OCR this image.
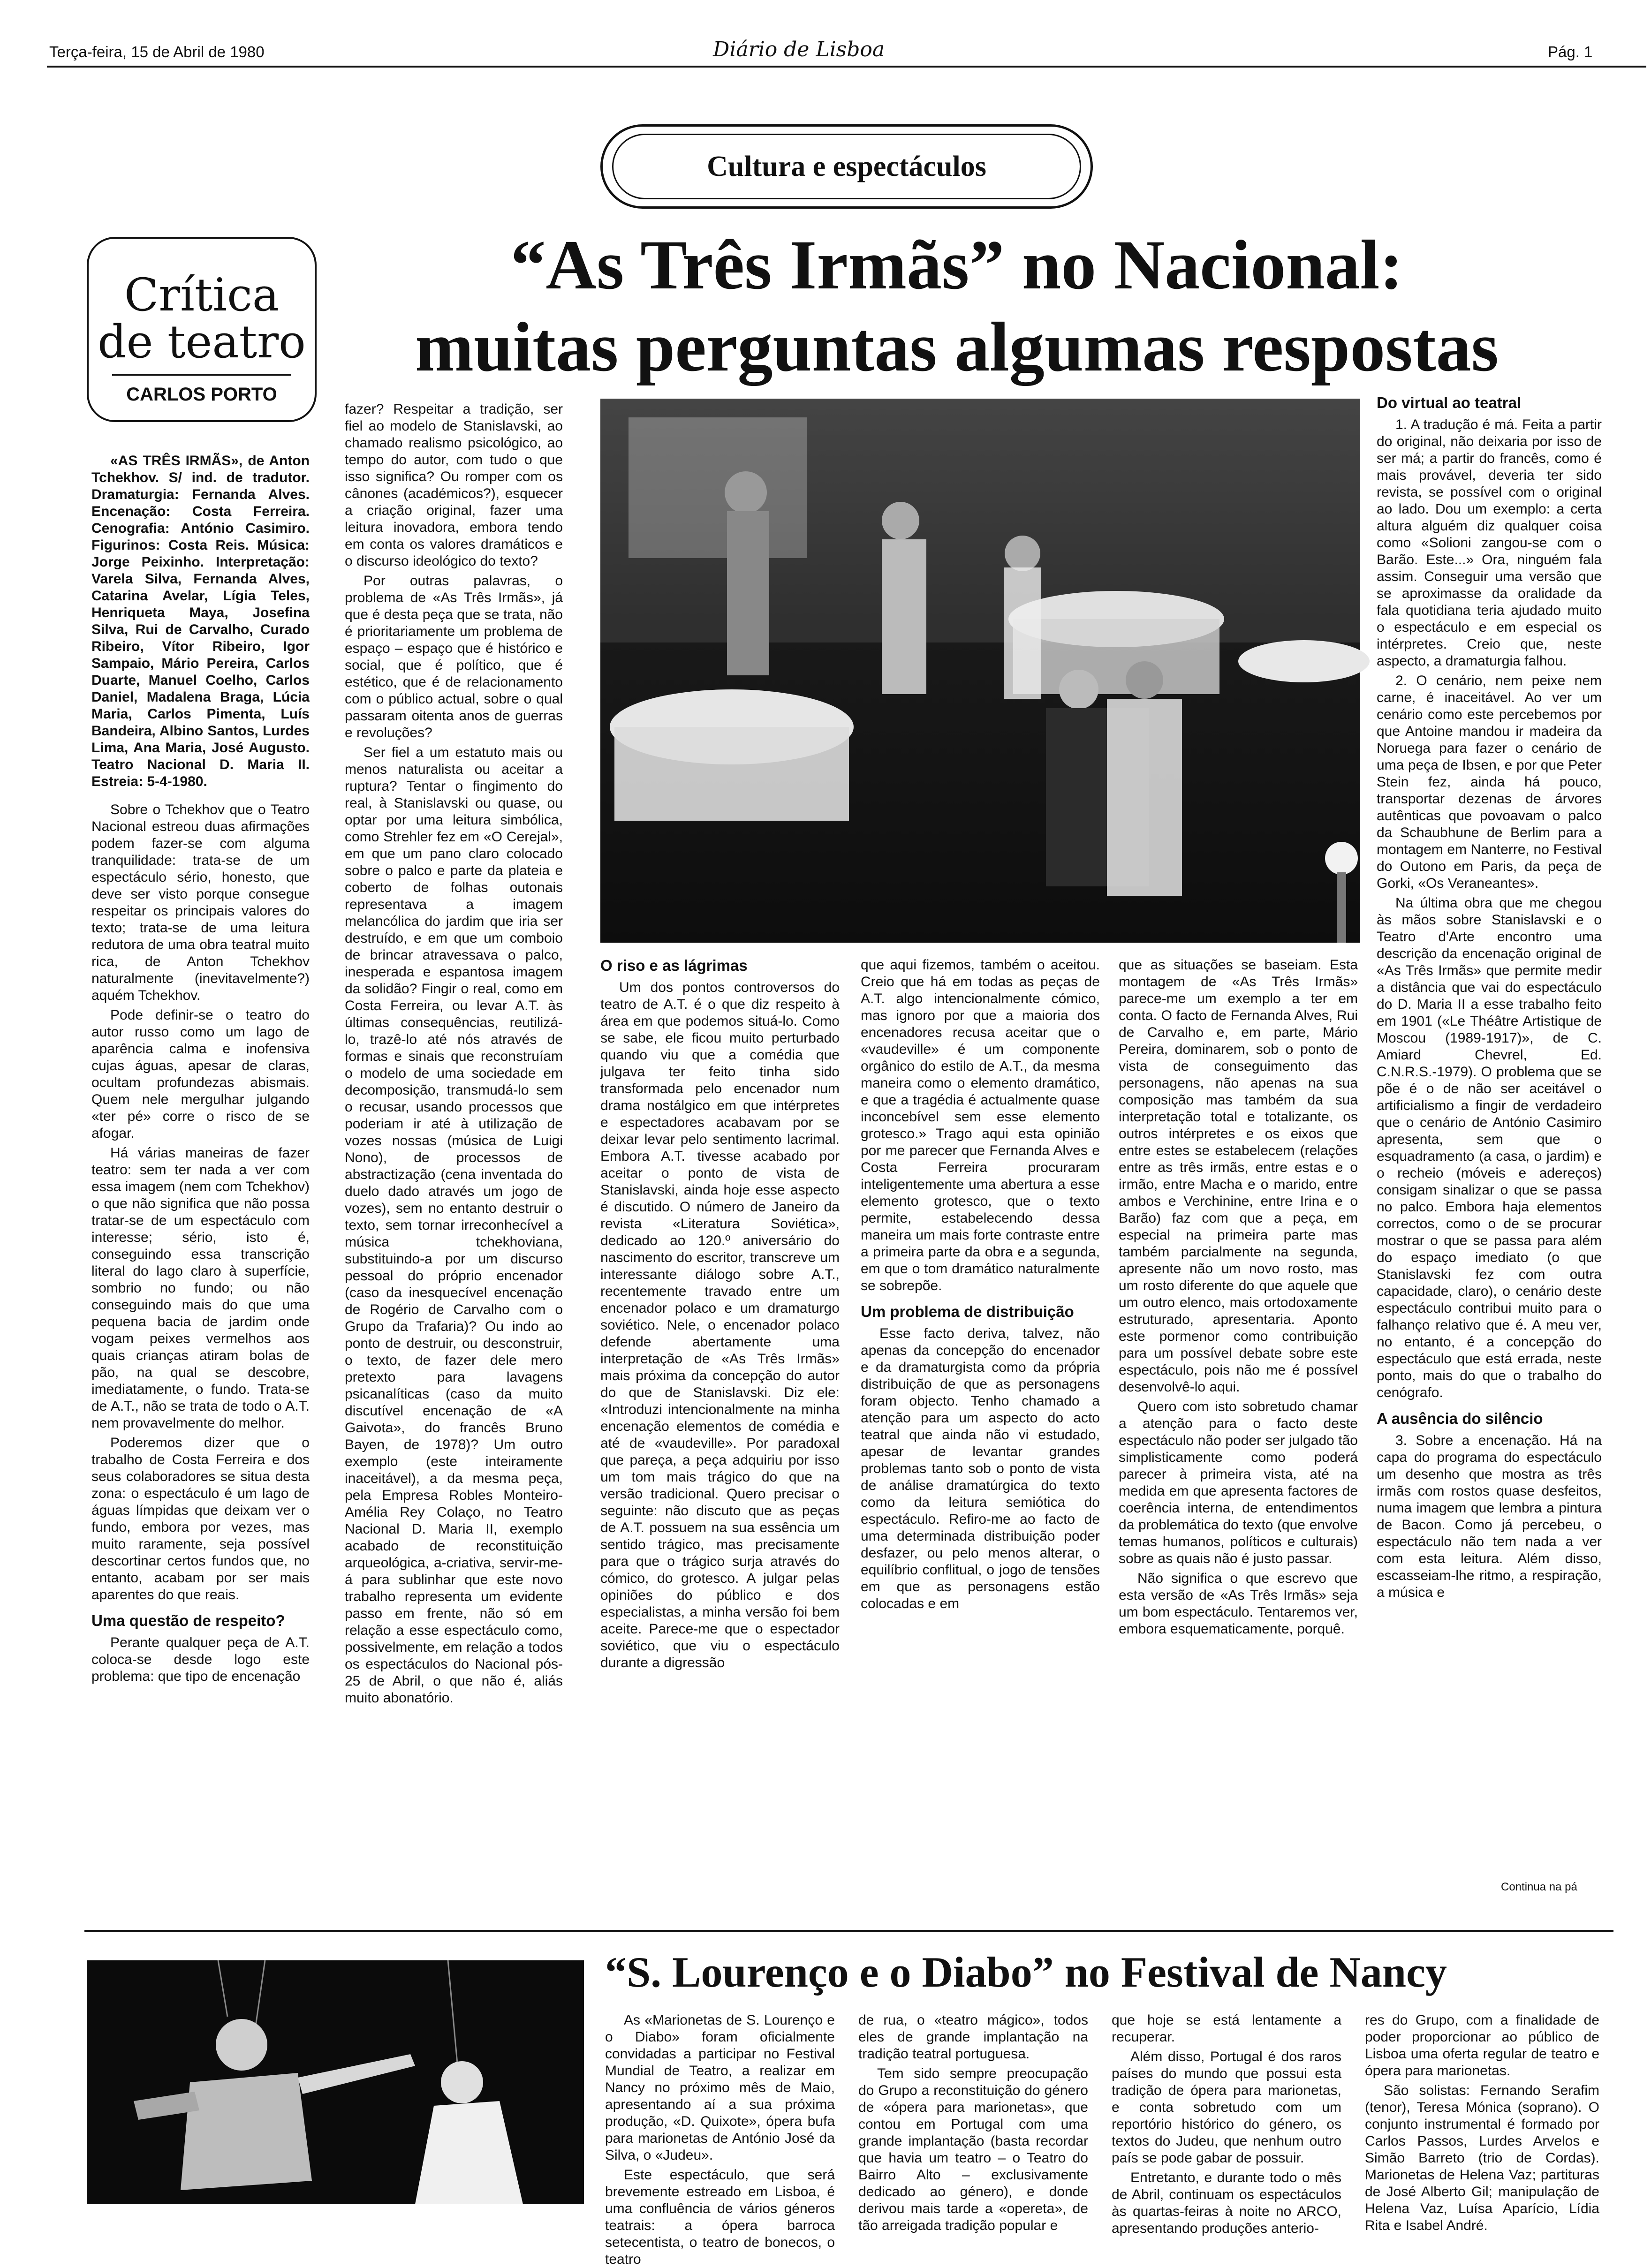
Terça-feira, 15 de Abril de 1980	Diário de Lisboa	Pág. 1
Cultura e espectáculos
Crítica
de teatro
CARLOS PORTO
“As Três Irmãs” no Nacional:
muitas perguntas algumas respostas

«AS TRÊS IRMÃS», de Anton Tchekhov. S/ ind. de tradutor. Dramaturgia: Fernanda Alves. Encenação: Costa Ferreira. Cenografia: António Casimiro. Figurinos: Costa Reis. Música: Jorge Peixinho. Interpretação: Varela Silva, Fernanda Alves, Catarina Avelar, Lígia Teles, Henriqueta Maya, Josefina Silva, Rui de Carvalho, Curado Ribeiro, Vítor Ribeiro, Igor Sampaio, Mário Pereira, Carlos Duarte, Manuel Coelho, Carlos Daniel, Madalena Braga, Lúcia Maria, Carlos Pimenta, Luís Bandeira, Albino Santos, Lurdes Lima, Ana Maria, José Augusto. Teatro Nacional D. Maria II. Estreia: 5-4-1980.

Sobre o Tchekhov que o Teatro Nacional estreou duas afirmações podem fazer-se com alguma tranquilidade: trata-se de um espectáculo sério, honesto, que deve ser visto porque consegue respeitar os principais valores do texto; trata-se de uma leitura redutora de uma obra teatral muito rica, de Anton Tchekhov naturalmente (inevitavelmente?) aquém Tchekhov.

Pode definir-se o teatro do autor russo como um lago de aparência calma e inofensiva cujas águas, apesar de claras, ocultam profundezas abismais. Quem nele mergulhar julgando «ter pé» corre o risco de se afogar.

Há várias maneiras de fazer teatro: sem ter nada a ver com essa imagem (nem com Tchekhov) o que não significa que não possa tratar-se de um espectáculo com interesse; sério, isto é, conseguindo essa transcrição literal do lago claro à superfície, sombrio no fundo; ou não conseguindo mais do que uma pequena bacia de jardim onde vogam peixes vermelhos aos quais crianças atiram bolas de pão, na qual se descobre, imediatamente, o fundo. Trata-se de A.T., não se trata de todo o A.T. nem provavelmente do melhor.

Poderemos dizer que o trabalho de Costa Ferreira e dos seus colaboradores se situa desta zona: o espectáculo é um lago de águas límpidas que deixam ver o fundo, embora por vezes, mas muito raramente, seja possível descortinar certos fundos que, no entanto, acabam por ser mais aparentes do que reais.

Uma questão de respeito?

Perante qualquer peça de A.T. coloca-se desde logo este problema: que tipo de encenação

fazer? Respeitar a tradição, ser fiel ao modelo de Stanislavski, ao chamado realismo psicológico, ao tempo do autor, com tudo o que isso significa? Ou romper com os cânones (académicos?), esquecer a criação original, fazer uma leitura inovadora, embora tendo em conta os valores dramáticos e o discurso ideológico do texto?

Por outras palavras, o problema de «As Três Irmãs», já que é desta peça que se trata, não é prioritariamente um problema de espaço – espaço que é histórico e social, que é político, que é estético, que é de relacionamento com o público actual, sobre o qual passaram oitenta anos de guerras e revoluções?

Ser fiel a um estatuto mais ou menos naturalista ou aceitar a ruptura? Tentar o fingimento do real, à Stanislavski ou quase, ou optar por uma leitura simbólica, como Strehler fez em «O Cerejal», em que um pano claro colocado sobre o palco e parte da plateia e coberto de folhas outonais representava a imagem melancólica do jardim que iria ser destruído, e em que um comboio de brincar atravessava o palco, inesperada e espantosa imagem da solidão? Fingir o real, como em Costa Ferreira, ou levar A.T. às últimas consequências, reutilizá-lo, trazê-lo até nós através de formas e sinais que reconstruíam o modelo de uma sociedade em decomposição, transmudá-lo sem o recusar, usando processos que poderiam ir até à utilização de vozes nossas (música de Luigi Nono), de processos de abstractização (cena inventada do duelo dado através um jogo de vozes), sem no entanto destruir o texto, sem tornar irreconhecível a música tchekhoviana, substituindo-a por um discurso pessoal do próprio encenador (caso da inesquecível encenação de Rogério de Carvalho com o Grupo da Trafaria)? Ou indo ao ponto de destruir, ou desconstruir, o texto, de fazer dele mero pretexto para lavagens psicanalíticas (caso da muito discutível encenação de «A Gaivota», do francês Bruno Bayen, de 1978)? Um outro exemplo (este inteiramente inaceitável), a da mesma peça, pela Empresa Robles Monteiro-Amélia Rey Colaço, no Teatro Nacional D. Maria II, exemplo acabado de reconstituição arqueológica, a-criativa, servir-me-á para sublinhar que este novo trabalho representa um evidente passo em frente, não só em relação a esse espectáculo como, possivelmente, em relação a todos os espectáculos do Nacional pós-25 de Abril, o que não é, aliás muito abonatório.

O riso e as lágrimas

Um dos pontos controversos do teatro de A.T. é o que diz respeito à área em que podemos situá-lo. Como se sabe, ele ficou muito perturbado quando viu que a comédia que julgava ter feito tinha sido transformada pelo encenador num drama nostálgico em que intérpretes e espectadores acabavam por se deixar levar pelo sentimento lacrimal. Embora A.T. tivesse acabado por aceitar o ponto de vista de Stanislavski, ainda hoje esse aspecto é discutido. O número de Janeiro da revista «Literatura Soviética», dedicado ao 120.º aniversário do nascimento do escritor, transcreve um interessante diálogo sobre A.T., recentemente travado entre um encenador polaco e um dramaturgo soviético. Nele, o encenador polaco defende abertamente uma interpretação de «As Três Irmãs» mais próxima da concepção do autor do que de Stanislavski. Diz ele: «Introduzi intencionalmente na minha encenação elementos de comédia e até de «vaudeville». Por paradoxal que pareça, a peça adquiriu por isso um tom mais trágico do que na versão tradicional. Quero precisar o seguinte: não discuto que as peças de A.T. possuem na sua essência um sentido trágico, mas precisamente para que o trágico surja através do cómico, do grotesco. A julgar pelas opiniões do público e dos especialistas, a minha versão foi bem aceite. Parece-me que o espectador soviético, que viu o espectáculo durante a digressão

que aqui fizemos, também o aceitou. Creio que há em todas as peças de A.T. algo intencionalmente cómico, mas ignoro por que a maioria dos encenadores recusa aceitar que o «vaudeville» é um componente orgânico do estilo de A.T., da mesma maneira como o elemento dramático, e que a tragédia é actualmente quase inconcebível sem esse elemento grotesco.» Trago aqui esta opinião por me parecer que Fernanda Alves e Costa Ferreira procuraram inteligentemente uma abertura a esse elemento grotesco, que o texto permite, estabelecendo dessa maneira um mais forte contraste entre a primeira parte da obra e a segunda, em que o tom dramático naturalmente se sobrepõe.

Um problema de distribuição

Esse facto deriva, talvez, não apenas da concepção do encenador e da dramaturgista como da própria distribuição de que as personagens foram objecto. Tenho chamado a atenção para um aspecto do acto teatral que ainda não vi estudado, apesar de levantar grandes problemas tanto sob o ponto de vista de análise dramatúrgica do texto como da leitura semiótica do espectáculo. Refiro-me ao facto de uma determinada distribuição poder desfazer, ou pelo menos alterar, o equilíbrio conflitual, o jogo de tensões em que as personagens estão colocadas e em

que as situações se baseiam. Esta montagem de «As Três Irmãs» parece-me um exemplo a ter em conta. O facto de Fernanda Alves, Rui de Carvalho e, em parte, Mário Pereira, dominarem, sob o ponto de vista de conseguimento das personagens, não apenas na sua composição mas também da sua interpretação total e totalizante, os outros intérpretes e os eixos que entre estes se estabelecem (relações entre as três irmãs, entre estas e o irmão, entre Macha e o marido, entre ambos e Verchinine, entre Irina e o Barão) faz com que a peça, em especial na primeira parte mas também parcialmente na segunda, apresente não um novo rosto, mas um rosto diferente do que aquele que um outro elenco, mais ortodoxamente estruturado, apresentaria. Aponto este pormenor como contribuição para um possível debate sobre este espectáculo, pois não me é possível desenvolvê-lo aqui.

Quero com isto sobretudo chamar a atenção para o facto deste espectáculo não poder ser julgado tão simplisticamente como poderá parecer à primeira vista, até na medida em que apresenta factores de coerência interna, de entendimentos da problemática do texto (que envolve temas humanos, políticos e culturais) sobre as quais não é justo passar.

Não significa o que escrevo que esta versão de «As Três Irmãs» seja um bom espectáculo. Tentaremos ver, embora esquematicamente, porquê.

Do virtual ao teatral

1. A tradução é má. Feita a partir do original, não deixaria por isso de ser má; a partir do francês, como é mais provável, deveria ter sido revista, se possível com o original ao lado. Dou um exemplo: a certa altura alguém diz qualquer coisa como «Solioni zangou-se com o Barão. Este...» Ora, ninguém fala assim. Conseguir uma versão que se aproximasse da oralidade da fala quotidiana teria ajudado muito o espectáculo e em especial os intérpretes. Creio que, neste aspecto, a dramaturgia falhou.

2. O cenário, nem peixe nem carne, é inaceitável. Ao ver um cenário como este percebemos por que Antoine mandou ir madeira da Noruega para fazer o cenário de uma peça de Ibsen, e por que Peter Stein fez, ainda há pouco, transportar dezenas de árvores autênticas que povoavam o palco da Schaubhune de Berlim para a montagem em Nanterre, no Festival do Outono em Paris, da peça de Gorki, «Os Veraneantes».

Na última obra que me chegou às mãos sobre Stanislavski e o Teatro d'Arte encontro uma descrição da encenação original de «As Três Irmãs» que permite medir a distância que vai do espectáculo do D. Maria II a esse trabalho feito em 1901 («Le Théâtre Artistique de Moscou (1989-1917)», de C. Amiard Chevrel, Ed. C.N.R.S.-1979). O problema que se põe é o de não ser aceitável o artificialismo a fingir de verdadeiro que o cenário de António Casimiro apresenta, sem que o esquadramento (a casa, o jardim) e o recheio (móveis e adereços) consigam sinalizar o que se passa no palco. Embora haja elementos correctos, como o de se procurar mostrar o que se passa para além do espaço imediato (o que Stanislavski fez com outra capacidade, claro), o cenário deste espectáculo contribui muito para o falhanço relativo que é. A meu ver, no entanto, é a concepção do espectáculo que está errada, neste ponto, mais do que o trabalho do cenógrafo.

A ausência do silêncio

3. Sobre a encenação. Há na capa do programa do espectáculo um desenho que mostra as três irmãs com rostos quase desfeitos, numa imagem que lembra a pintura de Bacon. Como já percebeu, o espectáculo não tem nada a ver com esta leitura. Além disso, escasseiam-lhe ritmo, a respiração, a música e

Continua na pá
“S. Lourenço e o Diabo” no Festival de Nancy

As «Marionetas de S. Lourenço e o Diabo» foram oficialmente convidadas a participar no Festival Mundial de Teatro, a realizar em Nancy no próximo mês de Maio, apresentando aí a sua próxima produção, «D. Quixote», ópera bufa para marionetas de António José da Silva, o «Judeu».

Este espectáculo, que será brevemente estreado em Lisboa, é uma confluência de vários géneros teatrais: a ópera barroca setecentista, o teatro de bonecos, o teatro

de rua, o «teatro mágico», todos eles de grande implantação na tradição teatral portuguesa.

Tem sido sempre preocupação do Grupo a reconstituição do género de «ópera para marionetas», que contou em Portugal com uma grande implantação (basta recordar que havia um teatro – o Teatro do Bairro Alto – exclusivamente dedicado ao género), e donde derivou mais tarde a «opereta», de tão arreigada tradição popular e

que hoje se está lentamente a recuperar.

Além disso, Portugal é dos raros países do mundo que possui esta tradição de ópera para marionetas, e conta sobretudo com um reportório histórico do género, os textos do Judeu, que nenhum outro país se pode gabar de possuir.

Entretanto, e durante todo o mês de Abril, continuam os espectáculos às quartas-feiras à noite no ARCO, apresentando produções anterio-

res do Grupo, com a finalidade de poder proporcionar ao público de Lisboa uma oferta regular de teatro e ópera para marionetas.

São solistas: Fernando Serafim (tenor), Teresa Mónica (soprano). O conjunto instrumental é formado por Carlos Passos, Lurdes Arvelos e Simão Barreto (trio de Cordas). Marionetas de Helena Vaz; partituras de José Alberto Gil; manipulação de Helena Vaz, Luísa Aparício, Lídia Rita e Isabel André.
